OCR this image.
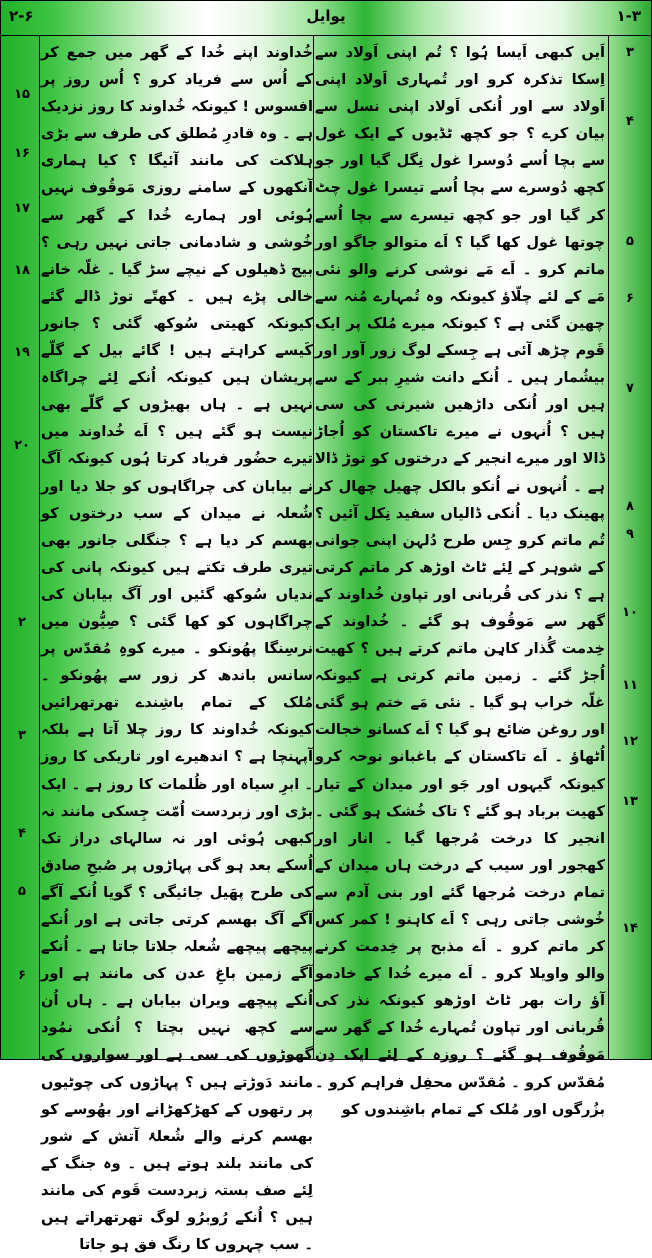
۲-۶	یوایل	۱-۳
اَیں کبھی اَیسا ہُوا ؟ تُم اپنی اَولاد سے اِسکا تذکرہ کرو اور تُمہاری اَولاد اپنی اَولاد سے اور اُنکی اَولاد اپنی نسل سے بیان کرے ؟ جو کچھ ٹڈیوں کے ایک غول سے بچا اُسے دُوسرا غول نِگل گیا اور جو کچھ دُوسرے سے بچا اُسے تیسرا غول چٹ کر گیا اور جو کچھ تیسرے سے بچا اُسے چوتھا غول کھا گیا ؟ اَے متوالو جاگو اور ماتم کرو ۔ اَے مَے نوشی کرنے والو نئی مَے کے لئے چلّاؤ کیونکہ وہ تُمہارے مُنہ سے چھین گئی ہے ؟ کیونکہ میرے مُلک پر ایک قَوم چڑھ آئی ہے جِسکے لوگ زور آور اور بیشُمار ہیں ۔ اُنکے دانت شیرِ ببر کے سے ہیں اور اُنکی داڑھیں شیرنی کی سی ہیں ؟ اُنہوں نے میرے تاکستان کو اُجاڑ ڈالا اور میرے انجیر کے درختوں کو توڑ ڈالا ہے ۔ اُنہوں نے اُنکو بالکل چھیل چھال کر پھینک دیا ۔ اُنکی ڈالیاں سفید نِکل آئیں ؟ تُم ماتم کرو جِس طرح دُلہن اپنی جوانی کے شوہر کے لِئے ٹاٹ اوڑھ کر ماتم کرتی ہے ؟ نذر کی قُربانی اور تپاون خُداوند کے گھر سے مَوقُوف ہو گئے ۔ خُداوند کے خِدمت گُذار کاہِن ماتم کرتے ہیں ؟ کھیت اُجڑ گئے ۔ زمین ماتم کرتی ہے کیونکہ غلّہ خراب ہو گیا ۔ نئی مَے ختم ہو گئی اور روغن ضائع ہو گیا ؟ اَے کسانو خجالت اُٹھاؤ ۔ اَے تاکستان کے باغبانو نوحہ کرو کیونکہ گیہوں اور جَو اور میدان کے تیار کھیت برباد ہو گئے ؟ تاک خُشک ہو گئی ۔ انجیر کا درخت مُرجھا گیا ۔ انار اور کھجور اور سیب کے درخت ہاں میدان کے تمام درخت مُرجھا گئے اور بنی آدم سے خُوشی جاتی رہی ؟ اَے کاہنو ! کمر کس کر ماتم کرو ۔ اَے مذبح پر خِدمت کرنے والو واویلا کرو ۔ اَے میرے خُدا کے خادمو آؤ رات بھر ٹاٹ اوڑھو کیونکہ نذر کی قُربانی اور تپاون تُمہارے خُدا کے گھر سے مَوقُوف ہو گئے ؟ روزہ کے لِئے ایک دِن مُقدّس کرو ۔ مُقدّس محفِل فراہم کرو ۔ بزُرگوں اور مُلک کے تمام باشِندوں کو
خُداوند اپنے خُدا کے گھر میں جمع کر کے اُس سے فریاد کرو ؟ اُس روز پر افسوس ! کیونکہ خُداوند کا روز نزدیک ہے ۔ وہ قادرِ مُطلق کی طرف سے بڑی ہلاکت کی مانند آئیگا ؟ کیا ہماری آنکھوں کے سامنے روزی مَوقُوف نہیں ہُوئی اور ہمارے خُدا کے گھر سے خُوشی و شادمانی جاتی نہیں رہی ؟ بیج ڈھیلوں کے نیچے سڑ گیا ۔ غلّہ خانے خالی پڑے ہیں ۔ کھتّے توڑ ڈالے گئے کیونکہ کھیتی سُوکھ گئی ؟ جانور کَیسے کراہتے ہیں ! گائے بیل کے گلّے پریشان ہیں کیونکہ اُنکے لِئے چراگاہ نہیں ہے ۔ ہاں بھیڑوں کے گلّے بھی نیست ہو گئے ہیں ؟ اَے خُداوند میں تیرے حضُور فریاد کرتا ہُوں کیونکہ آگ نے بیابان کی چراگاہوں کو جلا دیا اور شُعلہ نے میدان کے سب درختوں کو بھسم کر دیا ہے ؟ جنگلی جانور بھی تیری طرف تکتے ہیں کیونکہ پانی کی ندیاں سُوکھ گئیں اور آگ بیابان کی چراگاہوں کو کھا گئی ؟ صِیُّون میں نرسِنگا پھُونکو ۔ میرے کوہِ مُقدّس پر سانس باندھ کر زور سے پھُونکو ۔ مُلک کے تمام باشِندے تھرتھرائیں کیونکہ خُداوند کا روز چلا آتا ہے بلکہ آپہنچا ہے ؟ اندھیرے اور تاریکی کا روز ۔ ابرِ سیاہ اور ظُلمات کا روز ہے ۔ ایک بڑی اور زبردست اُمّت جِسکی مانند نہ کبھی ہُوئی اور نہ سالہای دراز تک اُسکے بعد ہو گی پہاڑوں پر صُبحِ صادق کی طرح پھَیل جائیگی ؟ گویا اُنکے آگے آگے آگ بھسم کرتی جاتی ہے اور اُنکے پیچھے پیچھے شُعلہ جلاتا جاتا ہے ۔ اُنکے آگے زمین باغِ عدن کی مانند ہے اور اُنکے پیچھے ویران بیابان ہے ۔ ہاں اُن سے کچھ نہیں بچتا ؟ اُنکی نمُود گھوڑوں کی سی ہے اور سواروں کی مانند دَوڑتے ہیں ؟ پہاڑوں کی چوٹیوں پر رتھوں کے کھڑکھڑانے اور بھُوسے کو بھسم کرنے والے شُعلۂ آتش کے شور کی مانند بلند ہوتے ہیں ۔ وہ جنگ کے لِئے صف بستہ زبردست قَوم کی مانند ہیں ؟ اُنکے رُوبرُو لوگ تھرتھراتے ہیں ۔ سب چہروں کا رنگ فق ہو جاتا
۳
۴
۵
۶
۷
۸
۹
۱۰
۱۱
۱۲
۱۳
۱۴
۱۵
۱۶
۱۷
۱۸
۱۹
۲۰
۲
۳
۴
۵
۶
